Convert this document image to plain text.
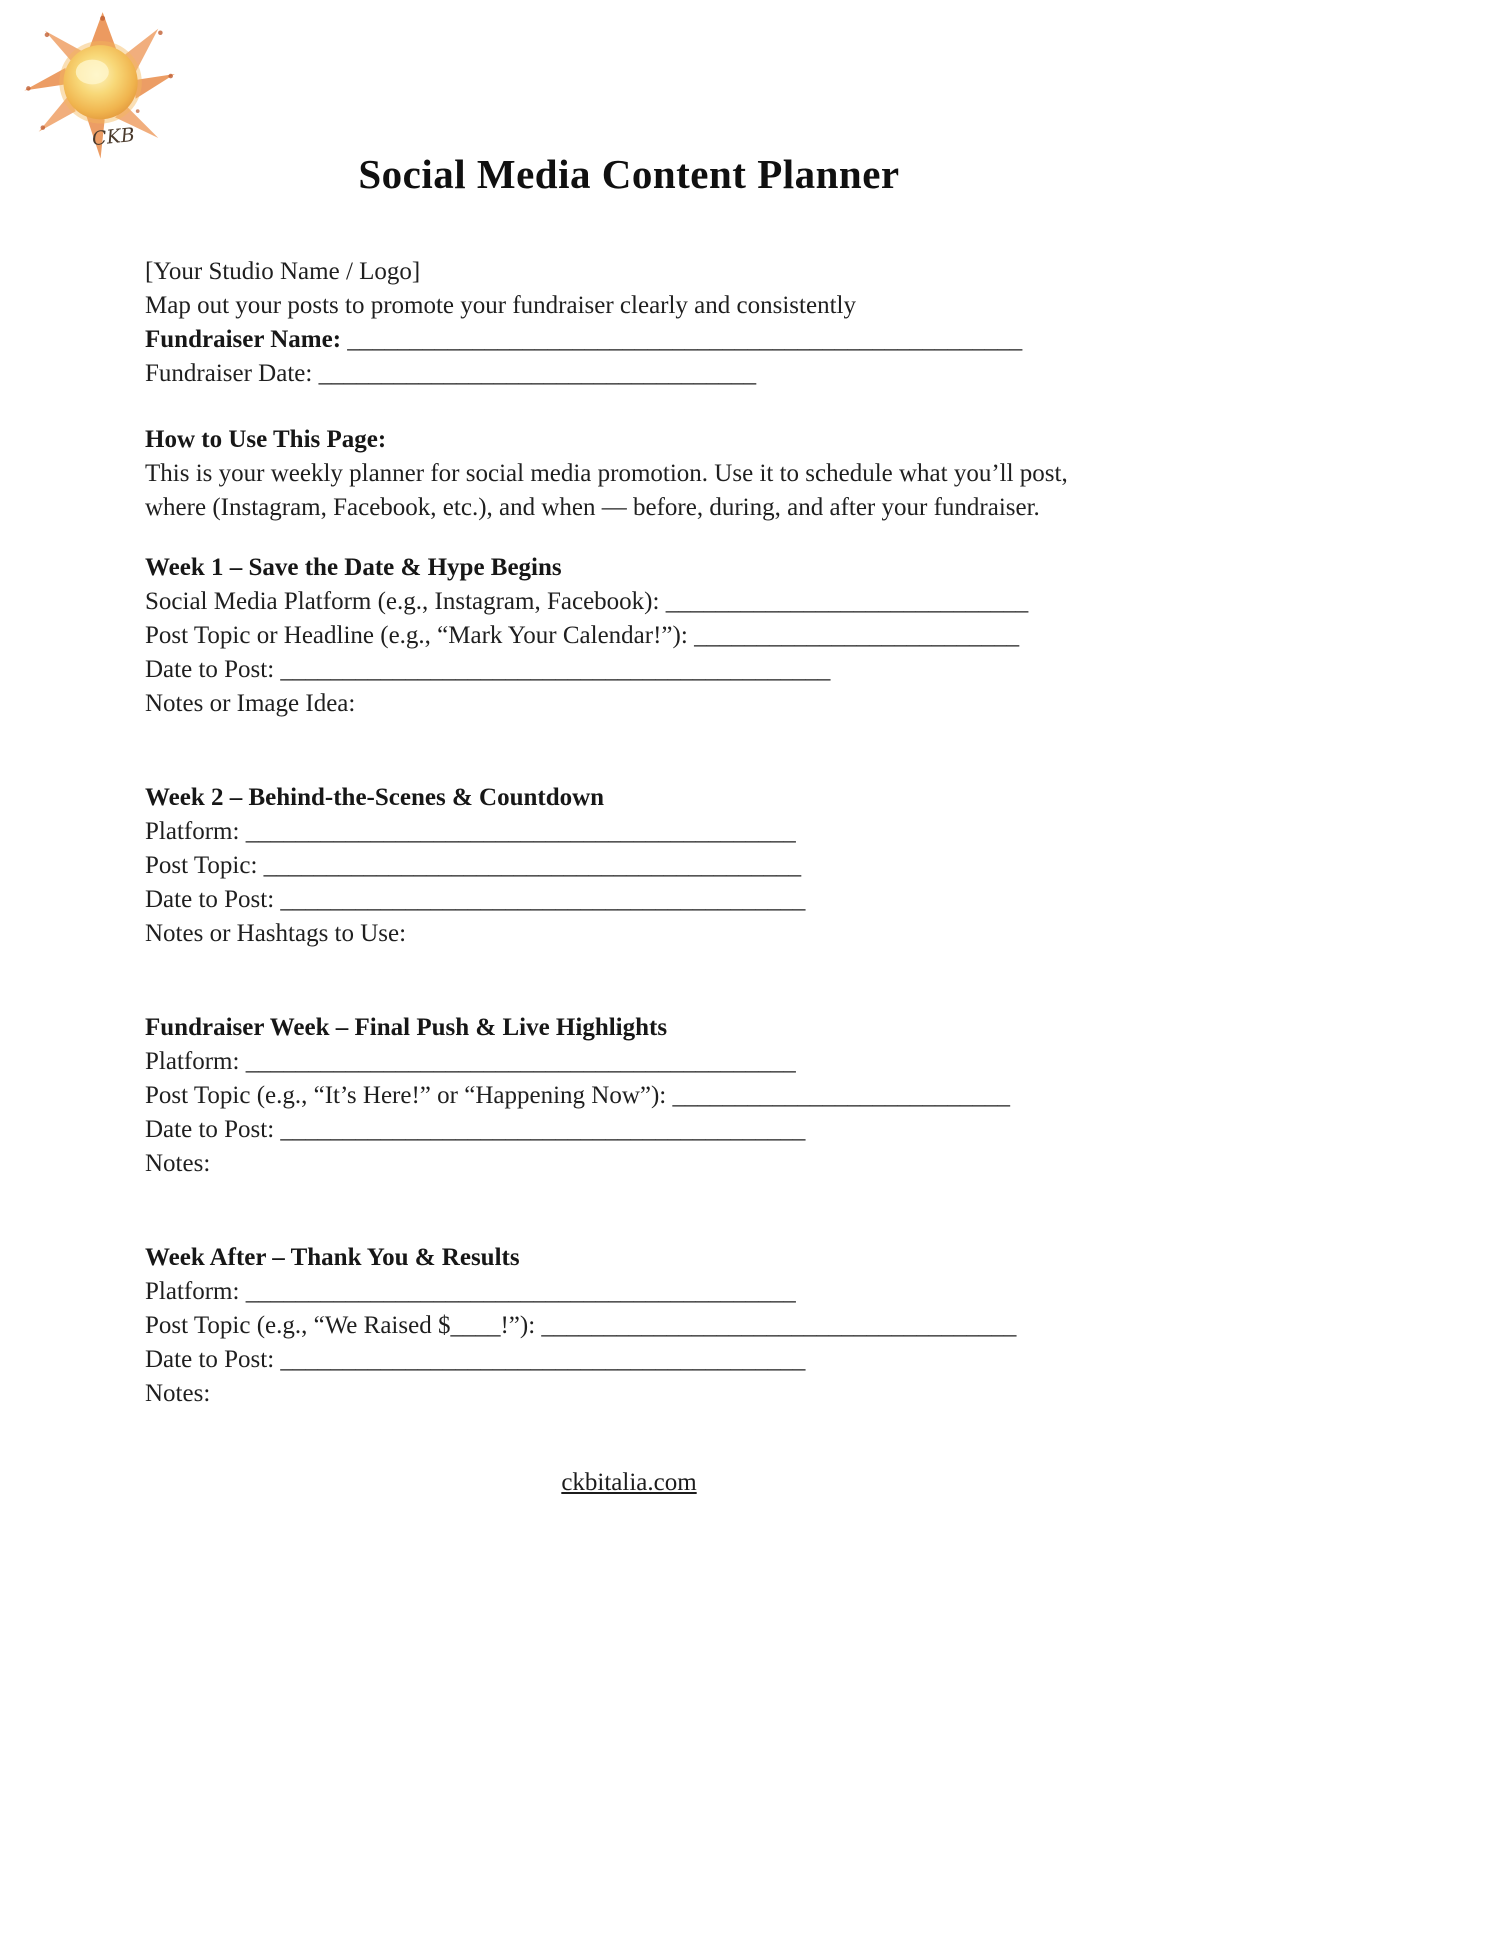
CKB
Social Media Content Planner

[Your Studio Name / Logo]

Map out your posts to promote your fundraiser clearly and consistently

Fundraiser Name: ______________________________________________________

Fundraiser Date: ___________________________________

How to Use This Page:

This is your weekly planner for social media promotion. Use it to schedule what you’ll post, where (Instagram, Facebook, etc.), and when — before, during, and after your fundraiser.

Week 1 – Save the Date & Hype Begins

Social Media Platform (e.g., Instagram, Facebook): _____________________________

Post Topic or Headline (e.g., “Mark Your Calendar!”): __________________________

Date to Post: ____________________________________________

Notes or Image Idea:

Week 2 – Behind-the-Scenes & Countdown

Platform: ____________________________________________

Post Topic: ___________________________________________

Date to Post: __________________________________________

Notes or Hashtags to Use:

Fundraiser Week – Final Push & Live Highlights

Platform: ____________________________________________

Post Topic (e.g., “It’s Here!” or “Happening Now”): ___________________________

Date to Post: __________________________________________

Notes:

Week After – Thank You & Results

Platform: ____________________________________________

Post Topic (e.g., “We Raised $____!”): ______________________________________

Date to Post: __________________________________________

Notes:

ckbitalia.com
